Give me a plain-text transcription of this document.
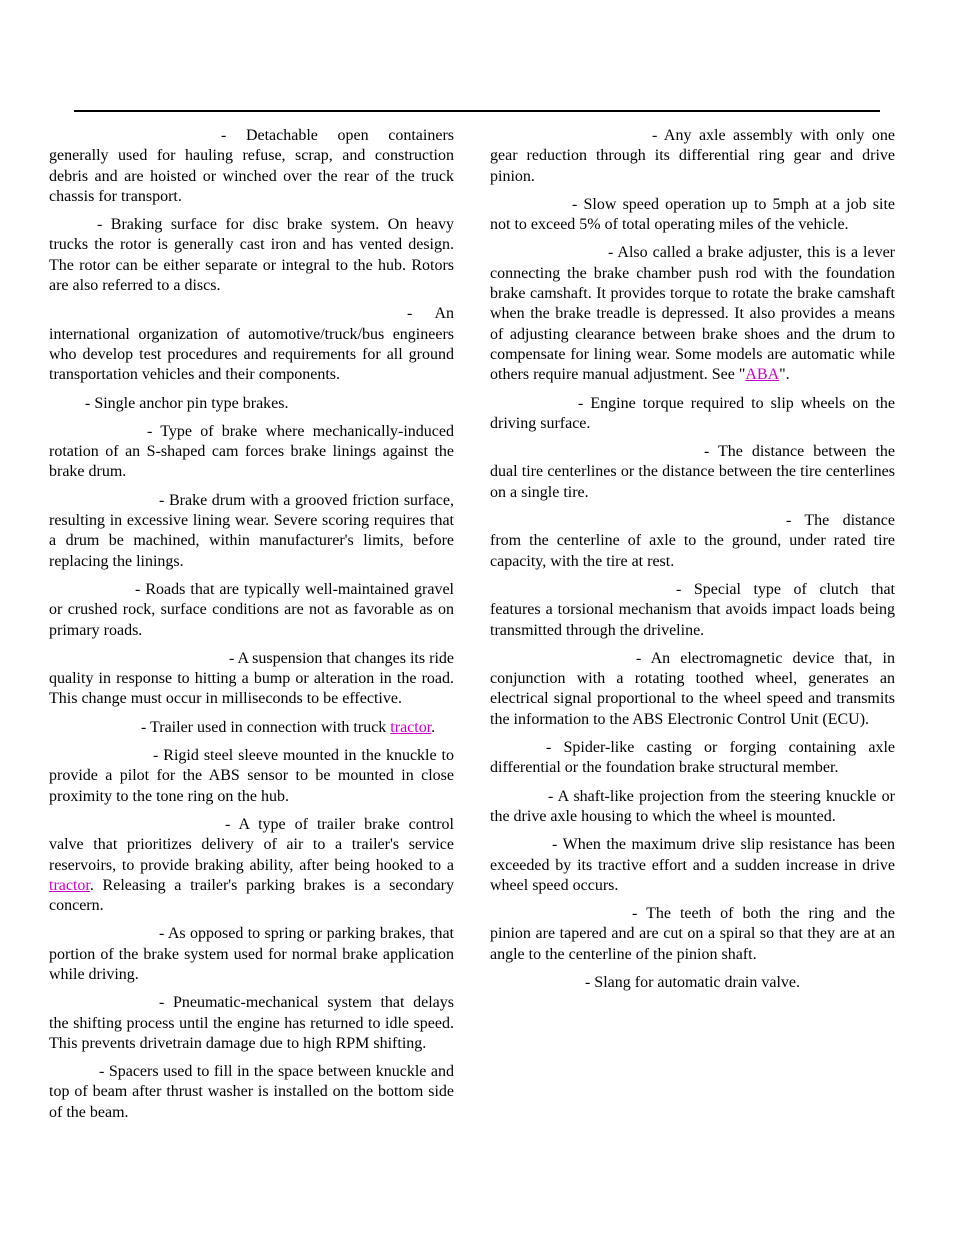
- Detachable open containers generally used for hauling refuse, scrap, and construction debris and are hoisted or winched over the rear of the truck chassis for transport.

- Braking surface for disc brake system. On heavy trucks the rotor is generally cast iron and has vented design. The rotor can be either separate or integral to the hub. Rotors are also referred to a discs.

- An international organization of automotive/truck/bus engineers who develop test procedures and requirements for all ground transportation vehicles and their components.

- Single anchor pin type brakes.

- Type of brake where mechanically-induced rotation of an S-shaped cam forces brake linings against the brake drum.

- Brake drum with a grooved friction surface, resulting in excessive lining wear. Severe scoring requires that a drum be machined, within manufacturer's limits, before replacing the linings.

- Roads that are typically well-maintained gravel or crushed rock, surface conditions are not as favorable as on primary roads.

- A suspension that changes its ride quality in response to hitting a bump or alteration in the road. This change must occur in milliseconds to be effective.

- Trailer used in connection with truck tractor.

- Rigid steel sleeve mounted in the knuckle to provide a pilot for the ABS sensor to be mounted in close proximity to the tone ring on the hub.

- A type of trailer brake control valve that prioritizes delivery of air to a trailer's service reservoirs, to provide braking ability, after being hooked to a tractor. Releasing a trailer's parking brakes is a secondary concern.

- As opposed to spring or parking brakes, that portion of the brake system used for normal brake application while driving.

- Pneumatic-mechanical system that delays the shifting process until the engine has returned to idle speed. This prevents drivetrain damage due to high RPM shifting.

- Spacers used to fill in the space between knuckle and top of beam after thrust washer is installed on the bottom side of the beam.

- Any axle assembly with only one gear reduction through its differential ring gear and drive pinion.

- Slow speed operation up to 5mph at a job site not to exceed 5% of total operating miles of the vehicle.

- Also called a brake adjuster, this is a lever connecting the brake chamber push rod with the foundation brake camshaft. It provides torque to rotate the brake camshaft when the brake treadle is depressed. It also provides a means of adjusting clearance between brake shoes and the drum to compensate for lining wear. Some models are automatic while others require manual adjustment. See "ABA".

- Engine torque required to slip wheels on the driving surface.

- The distance between the dual tire centerlines or the distance between the tire centerlines on a single tire.

- The distance from the centerline of axle to the ground, under rated tire capacity, with the tire at rest.

- Special type of clutch that features a torsional mechanism that avoids impact loads being transmitted through the driveline.

- An electromagnetic device that, in conjunction with a rotating toothed wheel, generates an electrical signal proportional to the wheel speed and transmits the information to the ABS Electronic Control Unit (ECU).

- Spider-like casting or forging containing axle differential or the foundation brake structural member.

- A shaft-like projection from the steering knuckle or the drive axle housing to which the wheel is mounted.

- When the maximum drive slip resistance has been exceeded by its tractive effort and a sudden increase in drive wheel speed occurs.

- The teeth of both the ring and the pinion are tapered and are cut on a spiral so that they are at an angle to the centerline of the pinion shaft.

- Slang for automatic drain valve.
